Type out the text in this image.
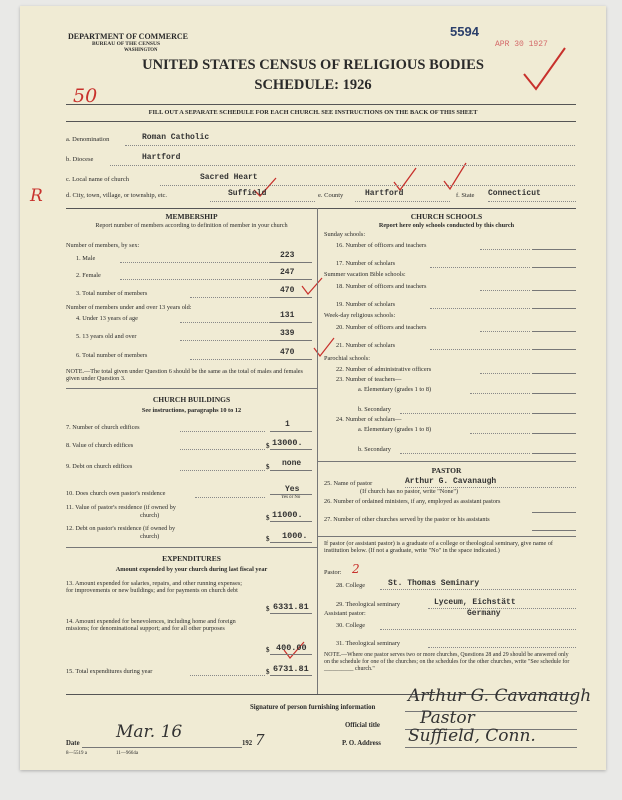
DEPARTMENT OF COMMERCE
BUREAU OF THE CENSUS
WASHINGTON
5594
APR 30 1927
UNITED STATES CENSUS OF RELIGIOUS BODIES
SCHEDULE: 1926
50
R
FILL OUT A SEPARATE SCHEDULE FOR EACH CHURCH. SEE INSTRUCTIONS ON THE BACK OF THIS SHEET
a. Denomination	Roman Catholic
b. Diocese	Hartford
c. Local name of church	Sacred Heart
d. City, town, village, or township, etc.	Suffield	e. County	Hartford	f. State Connecticut
MEMBERSHIP
Report number of members according to definition of member in your church
Number of members, by sex:
1. Male	223
2. Female	247
3. Total number of members	470
Number of members under and over 13 years old:
4. Under 13 years of age	131
5. 13 years old and over	339
6. Total number of members	470
NOTE.—The total given under Question 6 should be the same as the total of males and females given under Question 3.
CHURCH BUILDINGS
See instructions, paragraphs 10 to 12
7. Number of church edifices	1
8. Value of church edifices	$ 13000.
9. Debt on church edifices	$ none
10. Does church own pastor's residence	Yes
Yes or No
11. Value of pastor's residence (if owned by
church)	$ 11000.
12. Debt on pastor's residence (if owned by
church)	$ 1000.
EXPENDITURES
Amount expended by your church during last fiscal year
13. Amount expended for salaries, repairs, and other running expenses; for improvements or new buildings; and for payments on church debt
$ 6331.81
14. Amount expended for benevolences, including home and foreign missions; for denominational support; and for all other purposes
$ 400.00
15. Total expenditures during year	$ 6731.81
CHURCH SCHOOLS
Report here only schools conducted by this church
Sunday schools:
16. Number of officers and teachers
17. Number of scholars
Summer vacation Bible schools:
18. Number of officers and teachers
19. Number of scholars
Week-day religious schools:
20. Number of officers and teachers
21. Number of scholars
Parochial schools:
22. Number of administrative officers
23. Number of teachers—
a. Elementary (grades 1 to 8)
b. Secondary
24. Number of scholars—
a. Elementary (grades 1 to 8)
b. Secondary
PASTOR
25. Name of pastor	Arthur G. Cavanaugh
(If church has no pastor, write "None")
26. Number of ordained ministers, if any, employed as assistant pastors
27. Number of other churches served by the pastor or his assistants
If pastor (or assistant pastor) is a graduate of a college or theological seminary, give name of institution below. (If not a graduate, write "No" in the space indicated.)
Pastor: 2
28. College	St. Thomas Seminary
29. Theological seminary	Lyceum, Eichstätt
Assistant pastor:	Germany
30. College
31. Theological seminary
NOTE.—Where one pastor serves two or more churches, Questions 28 and 29 should be answered only on the schedule for one of the churches; on the schedules for the other churches, write "See schedule for __________ church."
Signature of person furnishing information
Arthur G. Cavanaugh
Official title Pastor
Date
Mar. 16
192 7	P. O. Address Suffield, Conn.
8—5519 a	11—9664a
